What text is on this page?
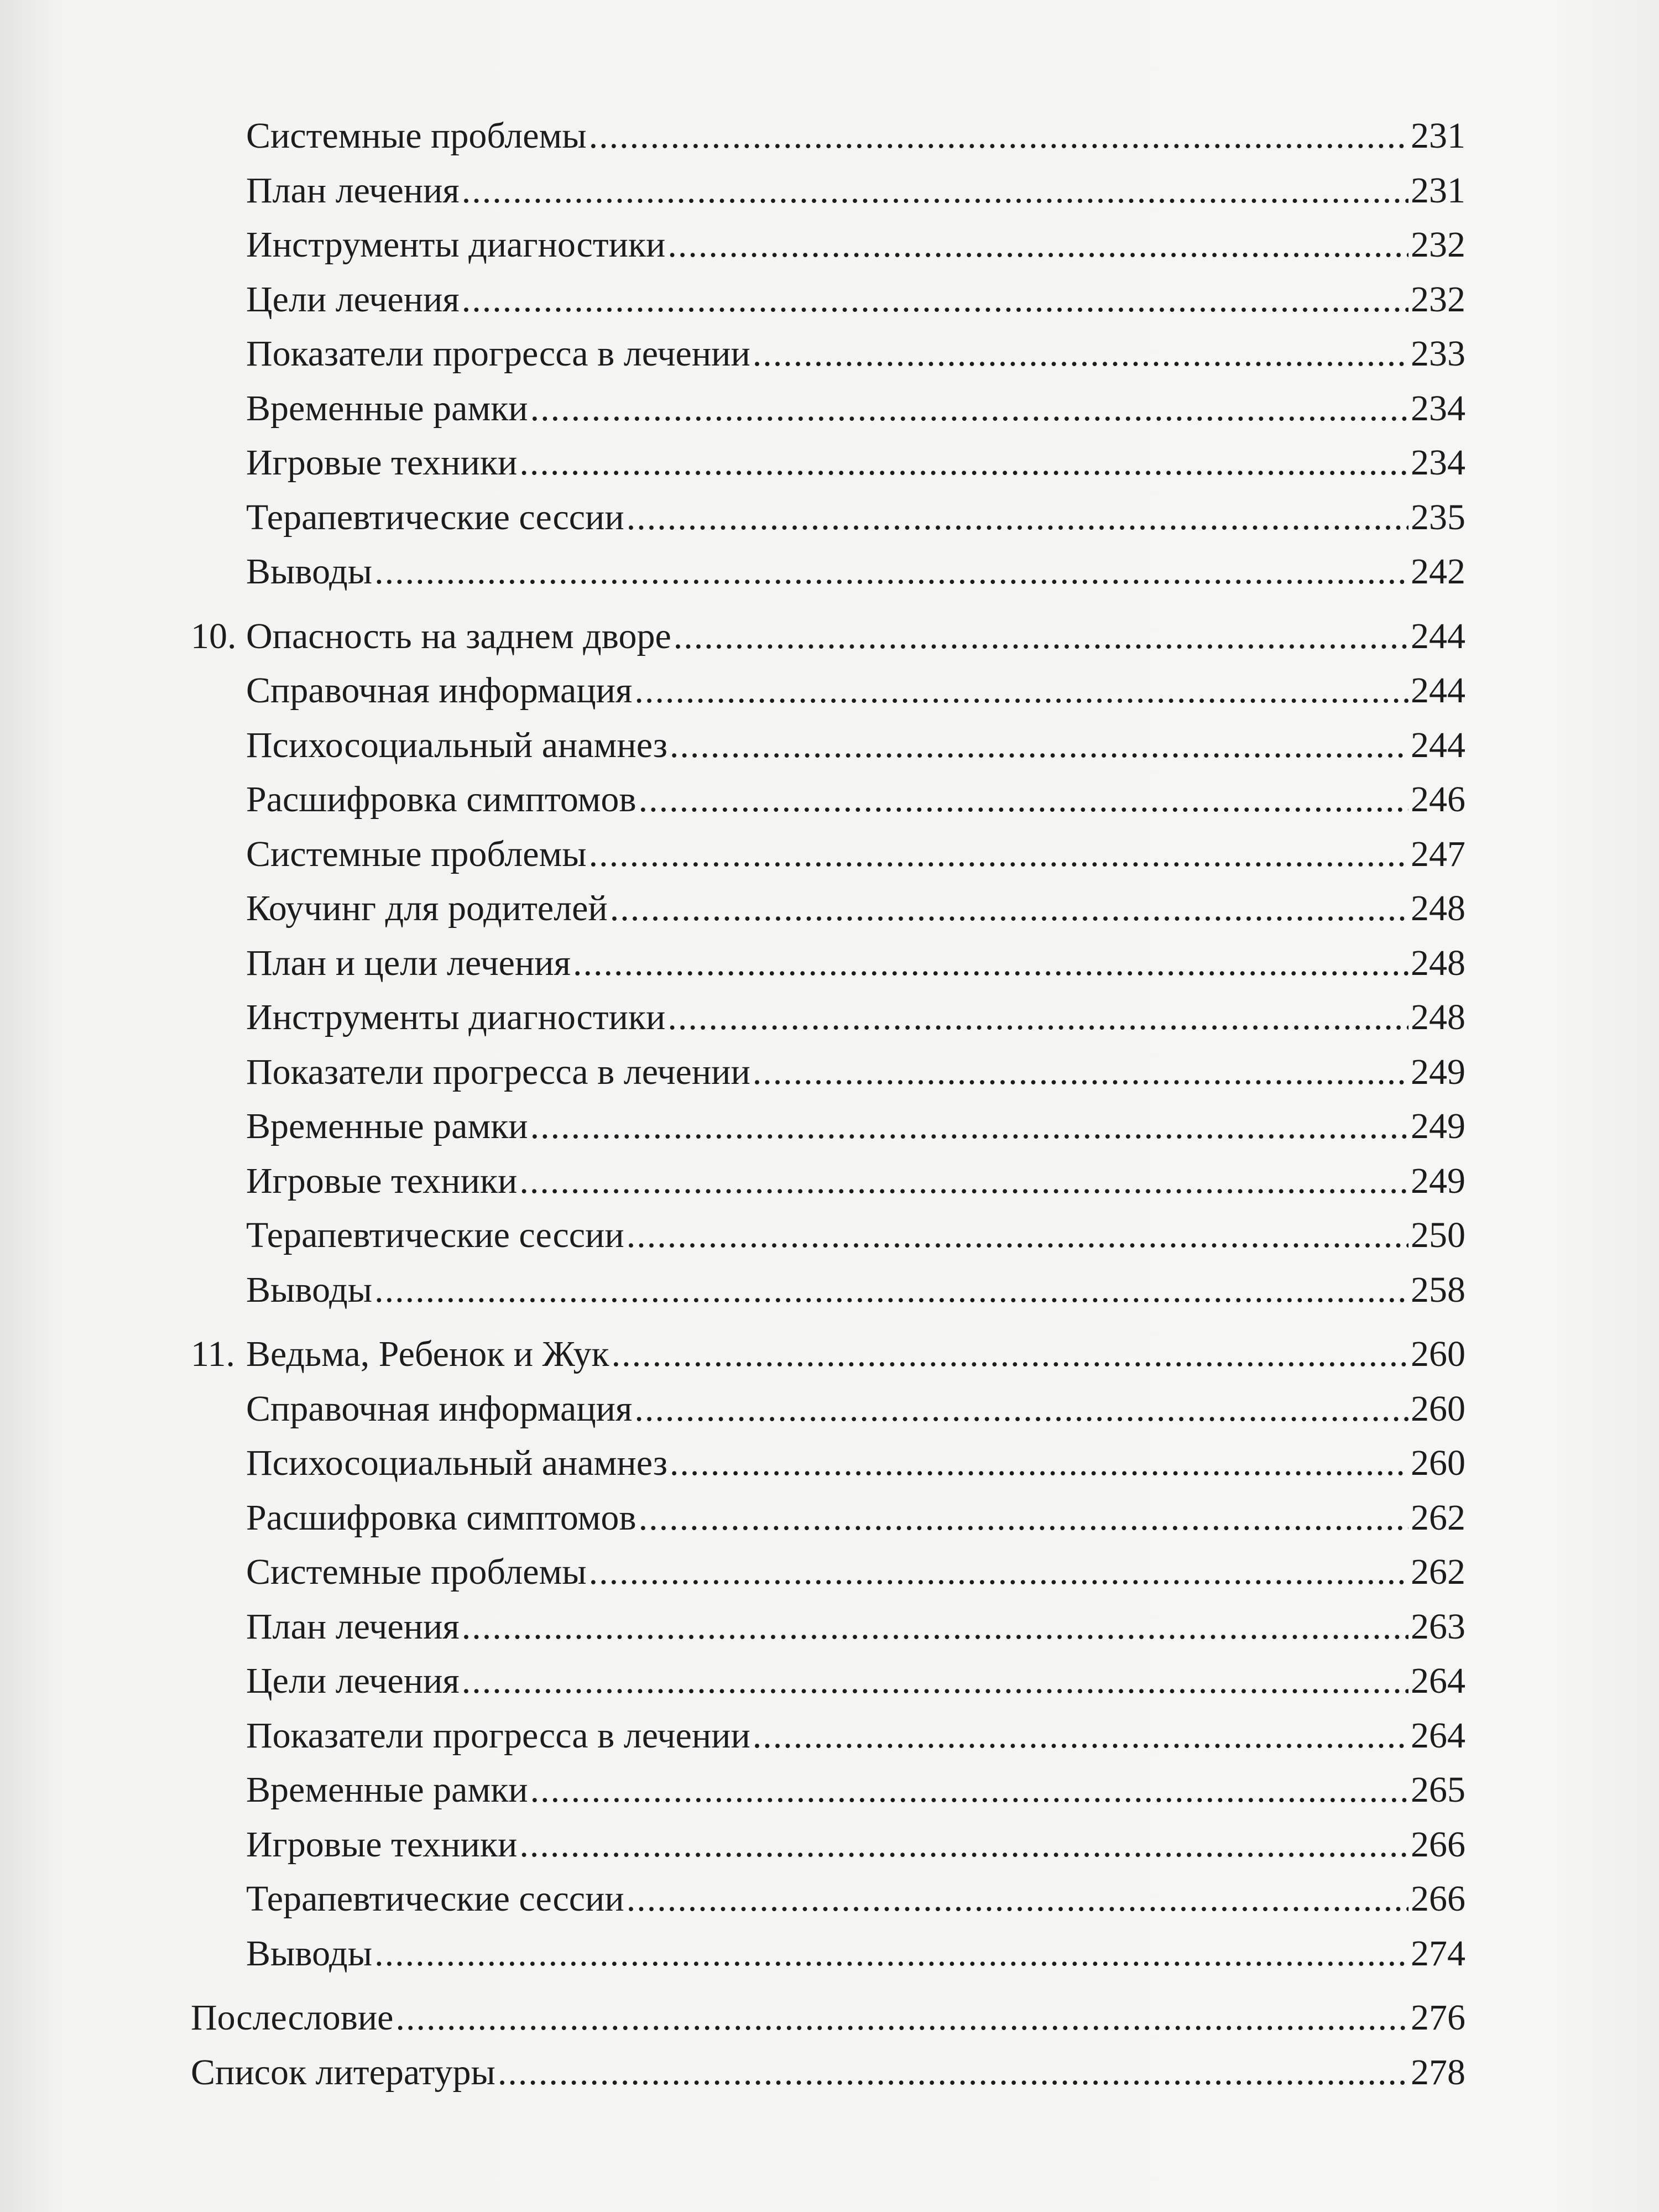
Системные проблемы .....	231
План лечения .....	231
Инструменты диагностики .....	232
Цели лечения .....	232
Показатели прогресса в лечении .....	233
Временные рамки .....	234
Игровые техники .....	234
Терапевтические сессии .....	235
Выводы .....	242
10. Опасность на заднем дворе .....	244
Справочная информация .....	244
Психосоциальный анамнез .....	244
Расшифровка симптомов .....	246
Системные проблемы .....	247
Коучинг для родителей .....	248
План и цели лечения .....	248
Инструменты диагностики .....	248
Показатели прогресса в лечении .....	249
Временные рамки .....	249
Игровые техники .....	249
Терапевтические сессии .....	250
Выводы .....	258
11. Ведьма, Ребенок и Жук .....	260
Справочная информация .....	260
Психосоциальный анамнез .....	260
Расшифровка симптомов .....	262
Системные проблемы .....	262
План лечения .....	263
Цели лечения .....	264
Показатели прогресса в лечении .....	264
Временные рамки .....	265
Игровые техники .....	266
Терапевтические сессии .....	266
Выводы .....	274
Послесловие .....	276
Список литературы .....	278
